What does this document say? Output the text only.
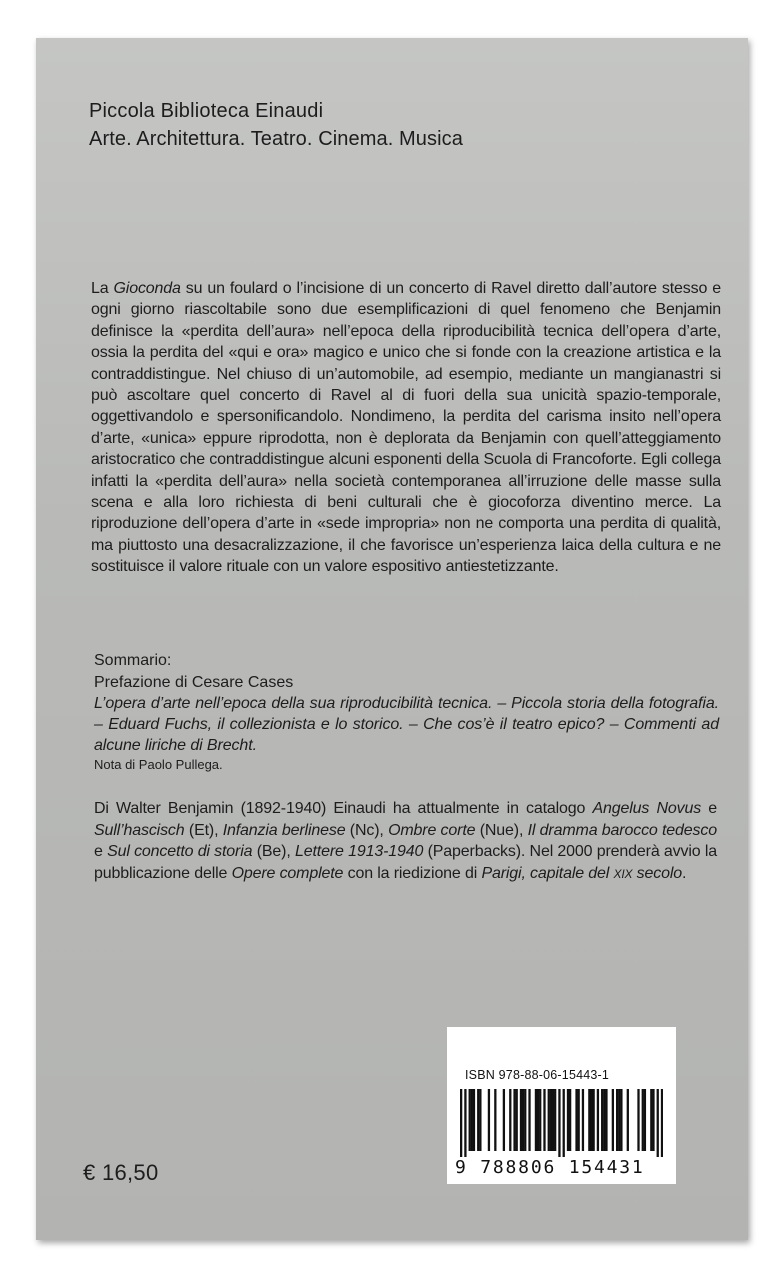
Piccola Biblioteca Einaudi
Arte. Architettura. Teatro. Cinema. Musica

La Gioconda su un foulard o l’incisione di un concerto di Ravel diretto dall’autore stesso e ogni giorno riascoltabile sono due esemplificazioni di quel fenomeno che Benjamin definisce la «perdita dell’aura» nell’epoca della riproducibilità tecnica dell’opera d’arte, ossia la perdita del «qui e ora» magico e unico che si fonde con la creazione artistica e la contraddistingue. Nel chiuso di un’automobile, ad esempio, mediante un mangianastri si può ascoltare quel concerto di Ravel al di fuori della sua unicità spazio-temporale, oggettivandolo e spersonificandolo. Nondimeno, la perdita del carisma insito nell’opera d’arte, «unica» eppure riprodotta, non è deplorata da Benjamin con quell’atteggiamento aristocratico che contraddistingue alcuni esponenti della Scuola di Francoforte. Egli collega infatti la «perdita dell’aura» nella società contemporanea all’irruzione delle masse sulla scena e alla loro richiesta di beni culturali che è giocoforza diventino merce. La riproduzione dell’opera d’arte in «sede impropria» non ne comporta una perdita di qualità, ma piuttosto una desacralizzazione, il che favorisce un’esperienza laica della cultura e ne sostituisce il valore rituale con un valore espositivo antiestetizzante.

Sommario:
Prefazione di Cesare Cases
L’opera d’arte nell’epoca della sua riproducibilità tecnica. – Piccola storia della fotografia. – Eduard Fuchs, il collezionista e lo storico. – Che cos’è il teatro epico? – Commenti ad alcune liriche di Brecht.
Nota di Paolo Pullega.

Di Walter Benjamin (1892-1940) Einaudi ha attualmente in catalogo Angelus Novus e Sull’hascisch (Et), Infanzia berlinese (Nc), Ombre corte (Nue), Il dramma barocco tedesco e Sul concetto di storia (Be), Lettere 1913-1940 (Paperbacks). Nel 2000 prenderà avvio la pubblicazione delle Opere complete con la riedizione di Parigi, capitale del XIX secolo.

€ 16,50
ISBN 978-88-06-15443-1
9 788806 154431
